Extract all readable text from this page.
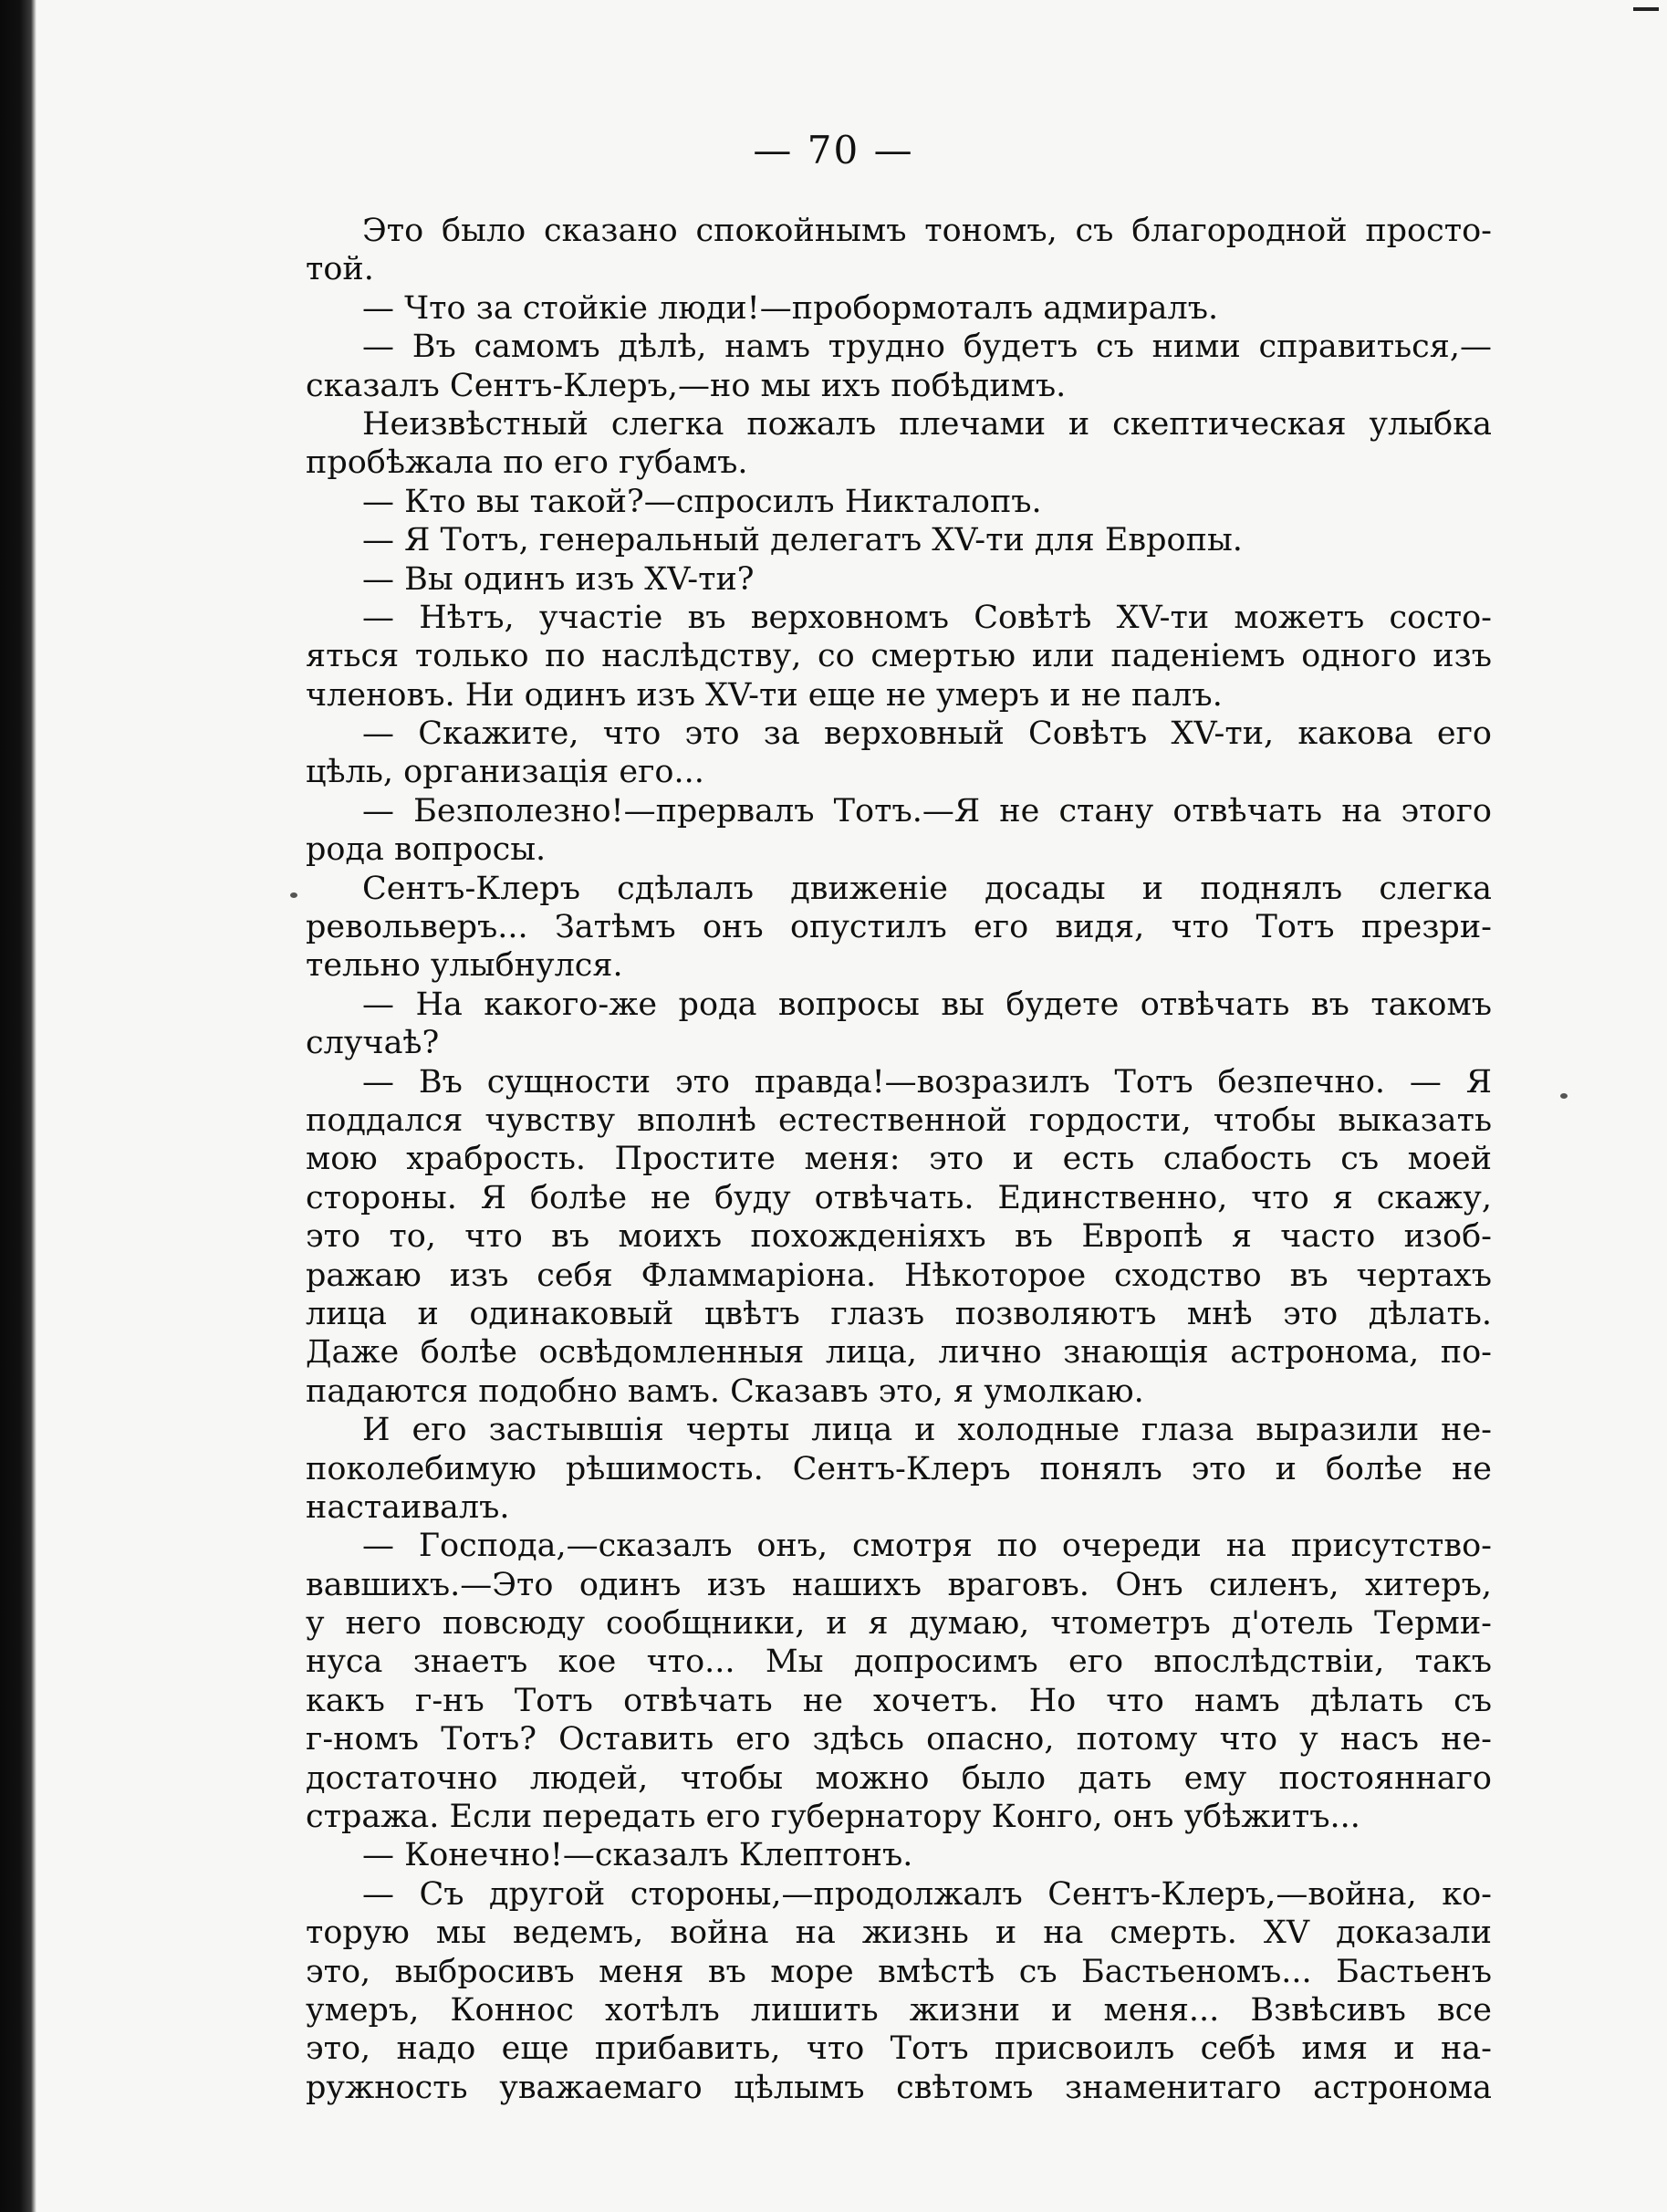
— 70 —
Это было сказано спокойнымъ тономъ, съ благородной просто-
той.
— Что за стойкіе люди!—пробормоталъ адмиралъ.
— Въ самомъ дѣлѣ, намъ трудно будетъ съ ними справиться,—
сказалъ Сентъ-Клеръ,—но мы ихъ побѣдимъ.
Неизвѣстный слегка пожалъ плечами и скептическая улыбка
пробѣжала по его губамъ.
— Кто вы такой?—спросилъ Никталопъ.
— Я Тотъ, генеральный делегатъ XV-ти для Европы.
— Вы одинъ изъ XV-ти?
— Нѣтъ, участіе въ верховномъ Совѣтѣ XV-ти можетъ состо-
яться только по наслѣдству, со смертью или паденіемъ одного изъ
членовъ. Ни одинъ изъ XV-ти еще не умеръ и не палъ.
— Скажите, что это за верховный Совѣтъ XV-ти, какова его
цѣль, организація его...
— Безполезно!—прервалъ Тотъ.—Я не стану отвѣчать на этого
рода вопросы.
Сентъ-Клеръ сдѣлалъ движеніе досады и поднялъ слегка
револьверъ... Затѣмъ онъ опустилъ его видя, что Тотъ презри-
тельно улыбнулся.
— На какого-же рода вопросы вы будете отвѣчать въ такомъ
случаѣ?
— Въ сущности это правда!—возразилъ Тотъ безпечно. — Я
поддался чувству вполнѣ естественной гордости, чтобы выказать
мою храбрость. Простите меня: это и есть слабость съ моей
стороны. Я болѣе не буду отвѣчать. Единственно, что я скажу,
это то, что въ моихъ похожденіяхъ въ Европѣ я часто изоб-
ражаю изъ себя Фламмаріона. Нѣкоторое сходство въ чертахъ
лица и одинаковый цвѣтъ глазъ позволяютъ мнѣ это дѣлать.
Даже болѣе освѣдомленныя лица, лично знающія астронома, по-
падаются подобно вамъ. Сказавъ это, я умолкаю.
И его застывшія черты лица и холодные глаза выразили не-
поколебимую рѣшимость. Сентъ-Клеръ понялъ это и болѣе не
настаивалъ.
— Господа,—сказалъ онъ, смотря по очереди на присутство-
вавшихъ.—Это одинъ изъ нашихъ враговъ. Онъ силенъ, хитеръ,
у него повсюду сообщники, и я думаю, чтометръ д'отель Терми-
нуса знаетъ кое что... Мы допросимъ его впослѣдствіи, такъ
какъ г-нъ Тотъ отвѣчать не хочетъ. Но что намъ дѣлать съ
г-номъ Тотъ? Оставить его здѣсь опасно, потому что у насъ не-
достаточно людей, чтобы можно было дать ему постояннаго
стража. Если передать его губернатору Конго, онъ убѣжитъ...
— Конечно!—сказалъ Клептонъ.
— Съ другой стороны,—продолжалъ Сентъ-Клеръ,—война, ко-
торую мы ведемъ, война на жизнь и на смерть. XV доказали
это, выбросивъ меня въ море вмѣстѣ съ Бастьеномъ... Бастьенъ
умеръ, Коннос хотѣлъ лишить жизни и меня... Взвѣсивъ все
это, надо еще прибавить, что Тотъ присвоилъ себѣ имя и на-
ружность уважаемаго цѣлымъ свѣтомъ знаменитаго астронома
